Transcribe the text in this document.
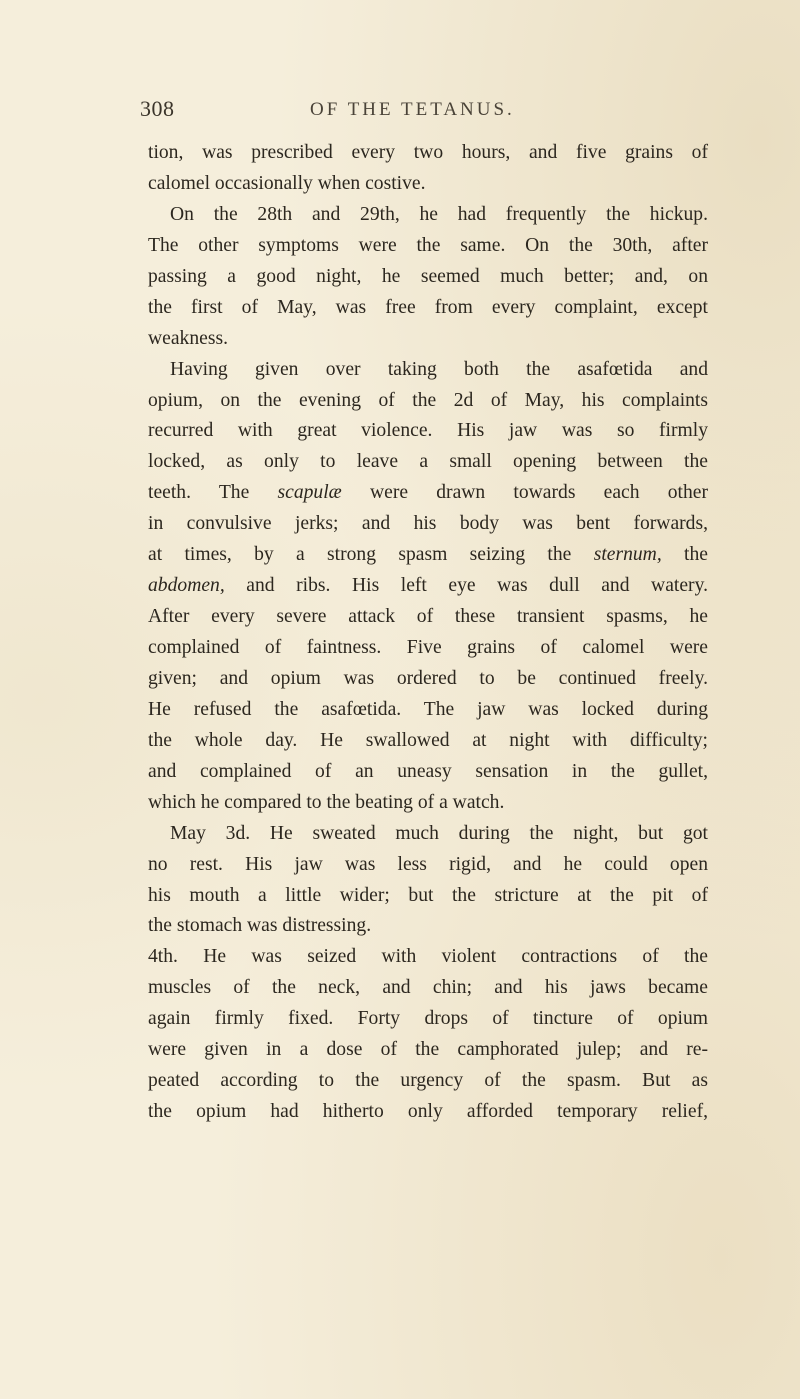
308	OF THE TETANUS.
tion, was prescribed every two hours, and five grains of
calomel occasionally when costive.
On the 28th and 29th, he had frequently the hickup.
The other symptoms were the same. On the 30th, after
passing a good night, he seemed much better; and, on
the first of May, was free from every complaint, except
weakness.
Having given over taking both the asafœtida and
opium, on the evening of the 2d of May, his complaints
recurred with great violence. His jaw was so firmly
locked, as only to leave a small opening between the
teeth. The scapulæ were drawn towards each other
in convulsive jerks; and his body was bent forwards,
at times, by a strong spasm seizing the sternum, the
abdomen, and ribs. His left eye was dull and watery.
After every severe attack of these transient spasms, he
complained of faintness. Five grains of calomel were
given; and opium was ordered to be continued freely.
He refused the asafœtida. The jaw was locked during
the whole day. He swallowed at night with difficulty;
and complained of an uneasy sensation in the gullet,
which he compared to the beating of a watch.
May 3d. He sweated much during the night, but got
no rest. His jaw was less rigid, and he could open
his mouth a little wider; but the stricture at the pit of
the stomach was distressing.
4th. He was seized with violent contractions of the
muscles of the neck, and chin; and his jaws became
again firmly fixed. Forty drops of tincture of opium
were given in a dose of the camphorated julep; and re-
peated according to the urgency of the spasm. But as
the opium had hitherto only afforded temporary relief,
